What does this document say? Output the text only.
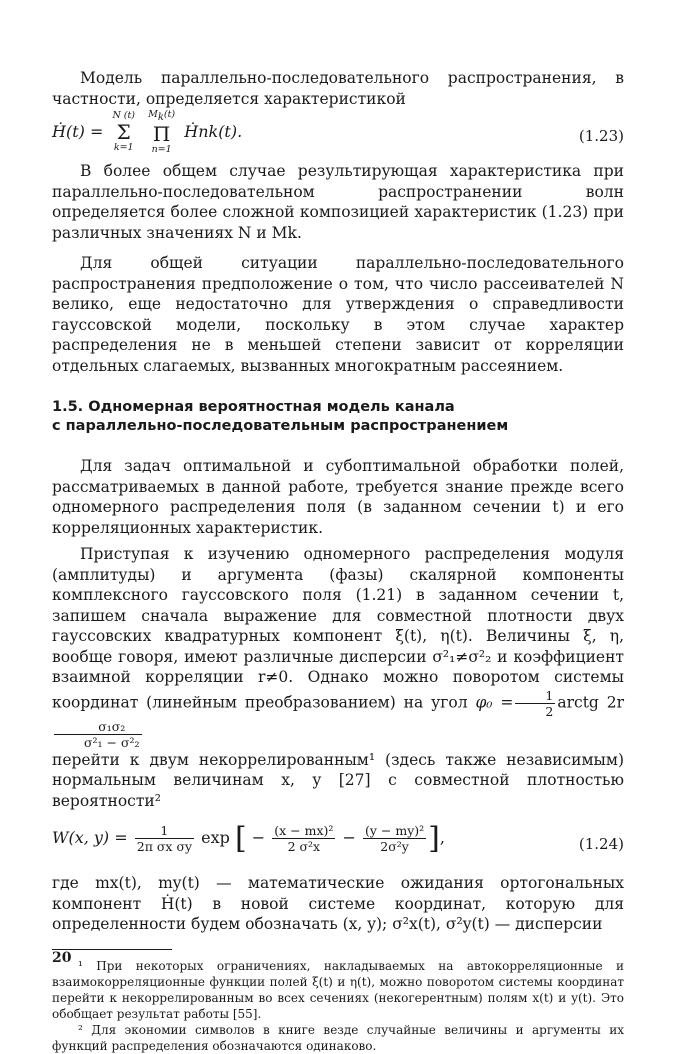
Модель параллельно-последовательного распространения, в частности, определяется характеристикой

Ḣ(t) =
N (t)
Σ
k=1

$M_k(t)$
Π
n=1
Ḣnk(t).	(1.23)

В более общем случае результирующая характеристика при параллельно-последовательном распространении волн определяется более сложной композицией характеристик (1.23) при различных значениях N и Mk.

Для общей ситуации параллельно-последовательного распространения предположение о том, что число рассеивателей N велико, еще недостаточно для утверждения о справедливости гауссовской модели, поскольку в этом случае характер распределения не в меньшей степени зависит от корреляции отдельных слагаемых, вызванных многократным рассеянием.

1.5. Одномерная вероятностная модель канала
с параллельно-последовательным распространением

Для задач оптимальной и субоптимальной обработки полей, рассматриваемых в данной работе, требуется знание прежде всего одномерного распределения поля (в заданном сечении t) и его корреляционных характеристик.

Приступая к изучению одномерного распределения модуля (амплитуды) и аргумента (фазы) скалярной компоненты комплексного гауссовского поля (1.21) в заданном сечении t, запишем сначала выражение для совместной плотности двух гауссовских квадратурных компонент ξ(t), η(t). Величины ξ, η, вообще говоря, имеют различные дисперсии σ²₁≠σ²₂ и коэффициент взаимной корреляции r≠0. Однако можно поворотом системы координат (линейным преобразованием) на угол $\varphi_0 = \frac{1}{2}$ arctg 2r
$\frac{\text{σ₁σ₂}}{\text{σ²₁ − σ²₂}}$

перейти к двум некоррелированным¹ (здесь также независимым) нормальным величинам x, y [27] с совместной плотностью вероятности²

W(x, $y) = \frac{1}{\text{2π σx σy}}$ exp [ − $\frac{\text{(x − mx)²}}{\text{2 σ²x}} - \frac{\text{(y − my)²}}{\text{2σ²y}}$ ],	(1.24)

где mx(t), my(t) — математические ожидания ортогональных компонент Ḣ(t) в новой системе координат, которую для определенности будем обозначать (x, y); σ²x(t), σ²y(t) — дисперсии

¹ При некоторых ограничениях, накладываемых на автокорреляционные и взаимокорреляционные функции полей ξ(t) и η(t), можно поворотом системы координат перейти к некоррелированным во всех сечениях (некогерентным) полям x(t) и y(t). Это обобщает результат работы [55].

² Для экономии символов в книге везде случайные величины и аргументы их функций распределения обозначаются одинаково.

20
